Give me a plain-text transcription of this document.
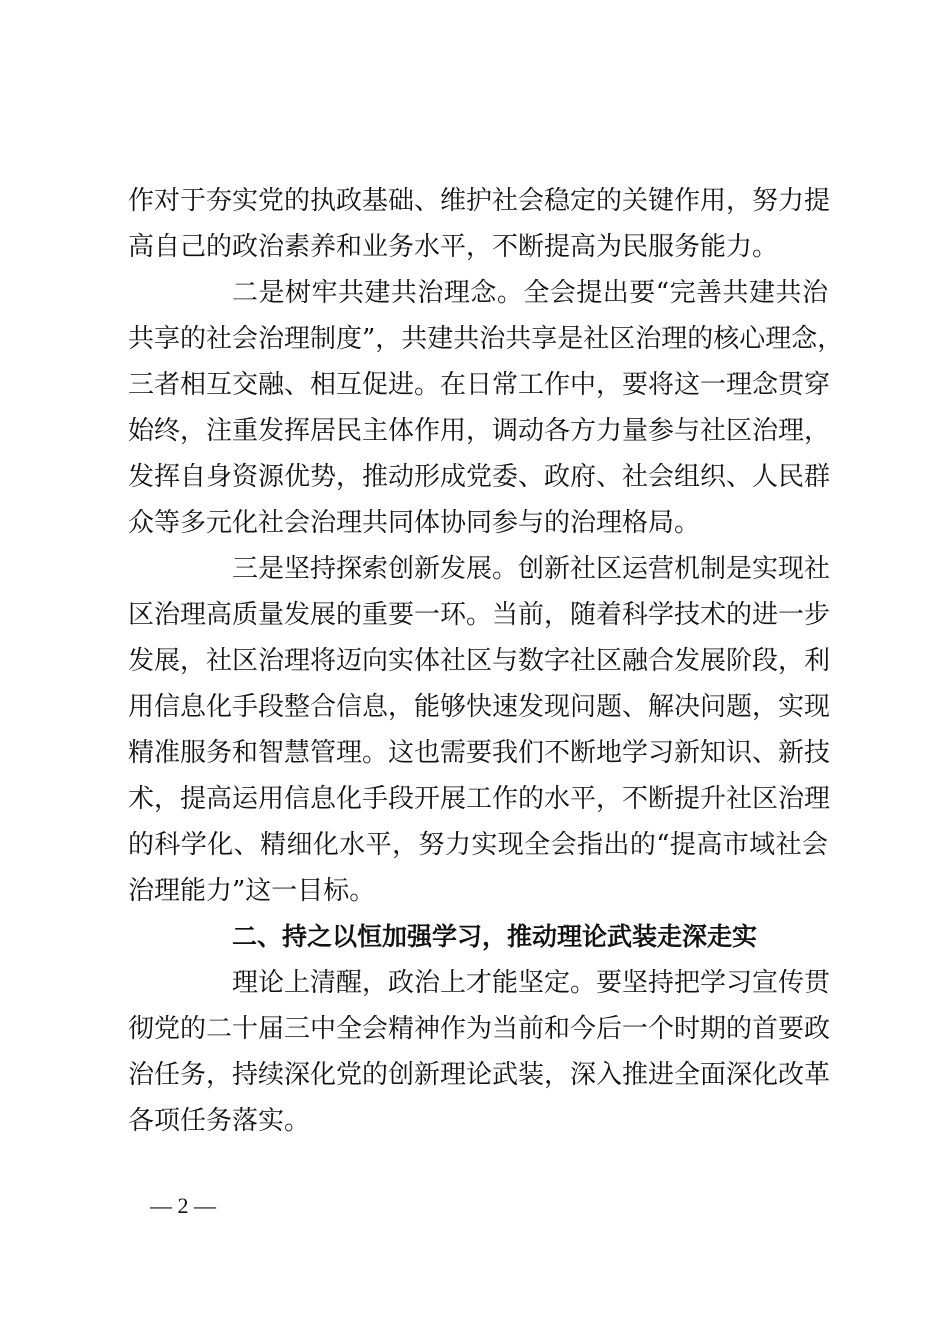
作对于夯实党的执政基础、维护社会稳定的关键作用，努力提
高自己的政治素养和业务水平，不断提高为民服务能力。
二是树牢共建共治理念。全会提出要“完善共建共治
共享的社会治理制度”，共建共治共享是社区治理的核心理念，
三者相互交融、相互促进。在日常工作中，要将这一理念贯穿
始终，注重发挥居民主体作用，调动各方力量参与社区治理，
发挥自身资源优势，推动形成党委、政府、社会组织、人民群
众等多元化社会治理共同体协同参与的治理格局。
三是坚持探索创新发展。创新社区运营机制是实现社
区治理高质量发展的重要一环。当前，随着科学技术的进一步
发展，社区治理将迈向实体社区与数字社区融合发展阶段，利
用信息化手段整合信息，能够快速发现问题、解决问题，实现
精准服务和智慧管理。这也需要我们不断地学习新知识、新技
术，提高运用信息化手段开展工作的水平，不断提升社区治理
的科学化、精细化水平，努力实现全会指出的“提高市域社会
治理能力”这一目标。
二、持之以恒加强学习，推动理论武装走深走实
理论上清醒，政治上才能坚定。要坚持把学习宣传贯
彻党的二十届三中全会精神作为当前和今后一个时期的首要政
治任务，持续深化党的创新理论武装，深入推进全面深化改革
各项任务落实。
— 2 —
